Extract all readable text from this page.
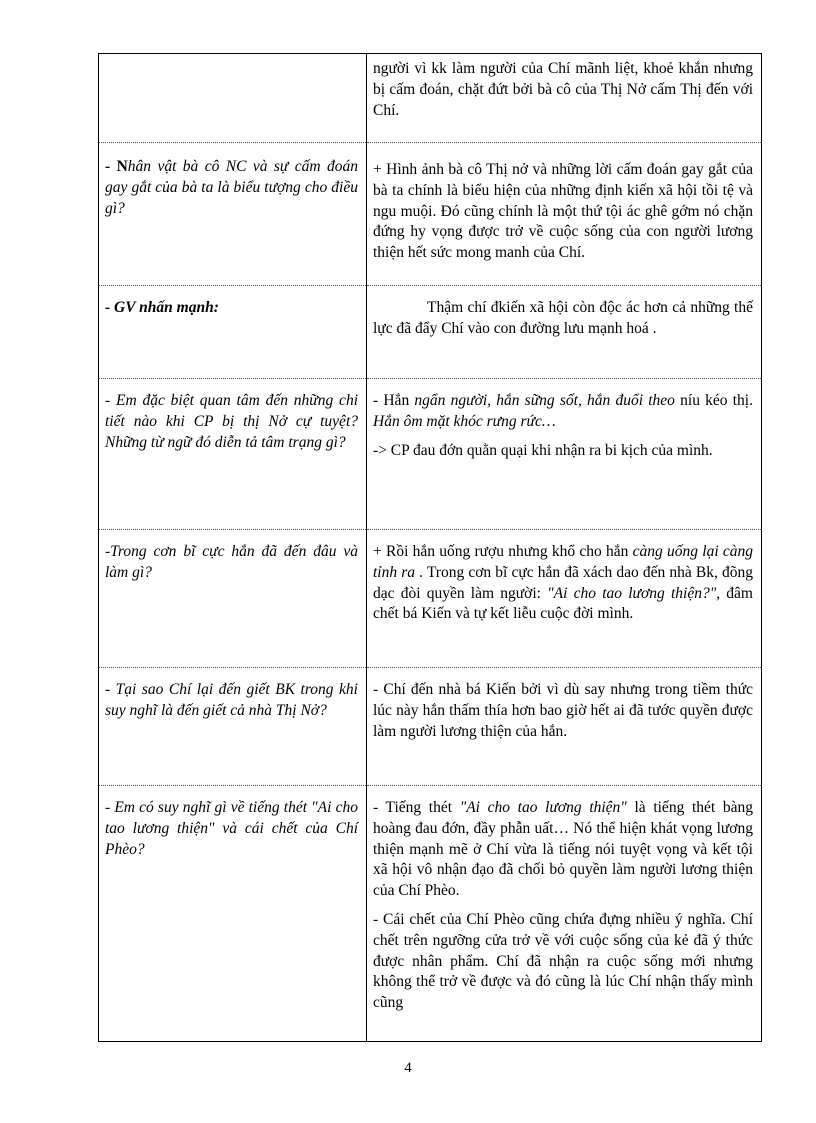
	người vì kk làm người của Chí mãnh liệt, khoẻ khắn nhưng bị cấm đoán, chặt đứt bởi bà cô của Thị Nở cấm Thị đến với Chí.

- Nhân vật bà cô NC và sự cấm đoán gay gắt của bà ta là biểu tượng cho điều gì?	+ Hình ảnh bà cô Thị nở và những lời cấm đoán gay gắt của bà ta chính là biểu hiện của những định kiến xã hội tồi tệ và ngu muội. Đó cũng chính là một thứ tội ác ghê gớm nó chặn đứng hy vọng được trở về cuộc sống của con người lương thiện hết sức mong manh của Chí.

- GV nhấn mạnh:	Thậm chí đkiến xã hội còn độc ác hơn cả những thế lực đã đẩy Chí vào con đường lưu mạnh hoá .

- Em đặc biệt quan tâm đến những chi tiết nào khi CP bị thị Nở cự tuyệt? Những từ ngữ đó diễn tả tâm trạng gì?	- Hắn ngẩn người, hắn sững sốt, hắn đuổi theo níu kéo thị. Hắn ôm mặt khóc rưng rức…

-> CP đau đớn quằn quại khi nhận ra bi kịch của mình.

-Trong cơn bĩ cực hắn đã đến đâu và làm gì?	+ Rồi hắn uống rượu nhưng khổ cho hắn càng uống lại càng tỉnh ra . Trong cơn bĩ cực hắn đã xách dao đến nhà Bk, đõng dạc đòi quyền làm người: "Ai cho tao lương thiện?", đâm chết bá Kiến và tự kết liễu cuộc đời mình.

- Tại sao Chí lại đến giết BK trong khi suy nghĩ là đến giết cả nhà Thị Nở?	- Chí đến nhà bá Kiến bởi vì dù say nhưng trong tiềm thức lúc này hắn thấm thía hơn bao giờ hết ai đã tước quyền được làm người lương thiện của hắn.

- Em có suy nghĩ gì về tiếng thét "Ai cho tao lương thiện" và cái chết của Chí Phèo?	- Tiếng thét "Ai cho tao lương thiện" là tiếng thét bàng hoàng đau đớn, đầy phẫn uất… Nó thể hiện khát vọng lương thiện mạnh mẽ ở Chí vừa là tiếng nói tuyệt vọng và kết tội xã hội vô nhận đạo đã chối bỏ quyền làm người lương thiện của Chí Phèo.

- Cái chết của Chí Phèo cũng chứa đựng nhiều ý nghĩa. Chí chết trên ngưỡng cửa trở về với cuộc sống của kẻ đã ý thức được nhân phẩm. Chí đã nhận ra cuộc sống mới nhưng không thể trở về được và đó cũng là lúc Chí nhận thấy mình cũng

4
